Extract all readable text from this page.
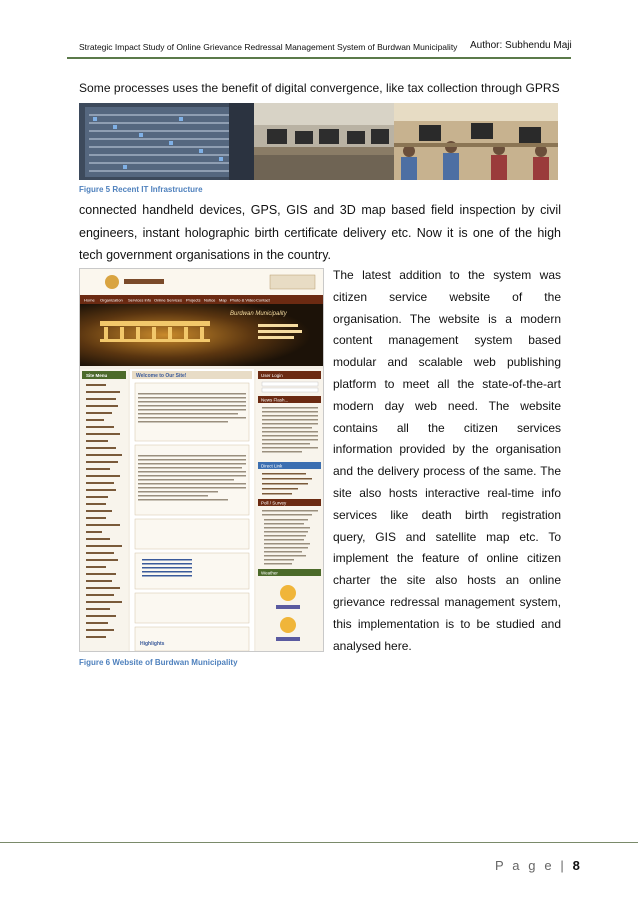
Strategic Impact Study of Online Grievance Redressal Management System of Burdwan Municipality Author: Subhendu Maji
Some processes uses the benefit of digital convergence, like tax collection through GPRS
Figure 5 Recent IT Infrastructure
connected handheld devices, GPS, GIS and 3D map based field inspection by civil
engineers, instant holographic birth certificate delivery etc. Now it is one of the high
tech government organisations in the country.
Home Organization Services Info Online Services Projects Notice Map Photo & Video Contact
Burdwan Municipality
Site Menu	Welcome to Our Site!
Highlights
User Login
News Flash...
Direct Link
Poll / Survey
Weather
Figure 6 Website of Burdwan Municipality
The latest addition to the system was
citizen service website of the
organisation. The website is a modern
content management system based
modular and scalable web publishing
platform to meet all the state-of-the-art
modern day web need. The website
contains all the citizen services
information provided by the organisation
and the delivery process of the same. The
site also hosts interactive real-time info
services like death birth registration
query, GIS and satellite map etc. To
implement the feature of online citizen
charter the site also hosts an online
grievance redressal management system,
this implementation is to be studied and
analysed here.
P a g e | 8
